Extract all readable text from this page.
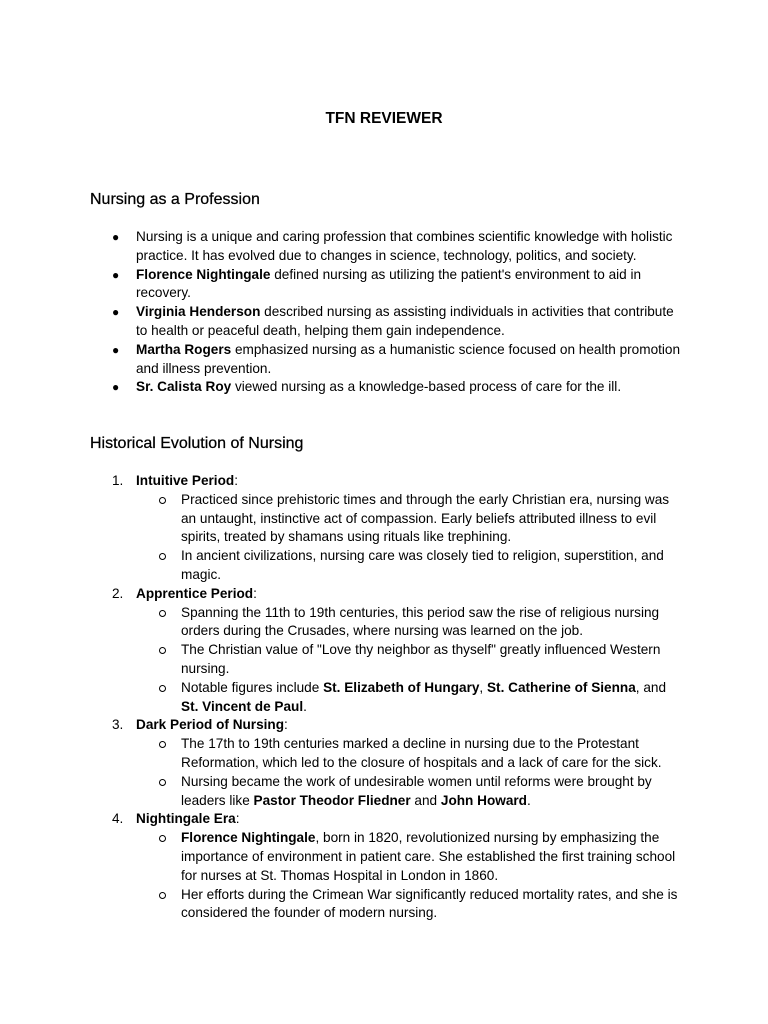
TFN REVIEWER
Nursing as a Profession
●	Nursing is a unique and caring profession that combines scientific knowledge with holistic practice. It has evolved due to changes in science, technology, politics, and society.
●	Florence Nightingale defined nursing as utilizing the patient's environment to aid in recovery.
●	Virginia Henderson described nursing as assisting individuals in activities that contribute to health or peaceful death, helping them gain independence.
●	Martha Rogers emphasized nursing as a humanistic science focused on health promotion and illness prevention.
●	Sr. Calista Roy viewed nursing as a knowledge-based process of care for the ill.
Historical Evolution of Nursing
1. Intuitive Period:
Practiced since prehistoric times and through the early Christian era, nursing was an untaught, instinctive act of compassion. Early beliefs attributed illness to evil spirits, treated by shamans using rituals like trephining.
In ancient civilizations, nursing care was closely tied to religion, superstition, and magic.
2. Apprentice Period:
Spanning the 11th to 19th centuries, this period saw the rise of religious nursing orders during the Crusades, where nursing was learned on the job.
The Christian value of "Love thy neighbor as thyself" greatly influenced Western nursing.
Notable figures include St. Elizabeth of Hungary, St. Catherine of Sienna, and St. Vincent de Paul.
3. Dark Period of Nursing:
The 17th to 19th centuries marked a decline in nursing due to the Protestant Reformation, which led to the closure of hospitals and a lack of care for the sick.
Nursing became the work of undesirable women until reforms were brought by leaders like Pastor Theodor Fliedner and John Howard.
4. Nightingale Era:
Florence Nightingale, born in 1820, revolutionized nursing by emphasizing the importance of environment in patient care. She established the first training school for nurses at St. Thomas Hospital in London in 1860.
Her efforts during the Crimean War significantly reduced mortality rates, and she is considered the founder of modern nursing.
